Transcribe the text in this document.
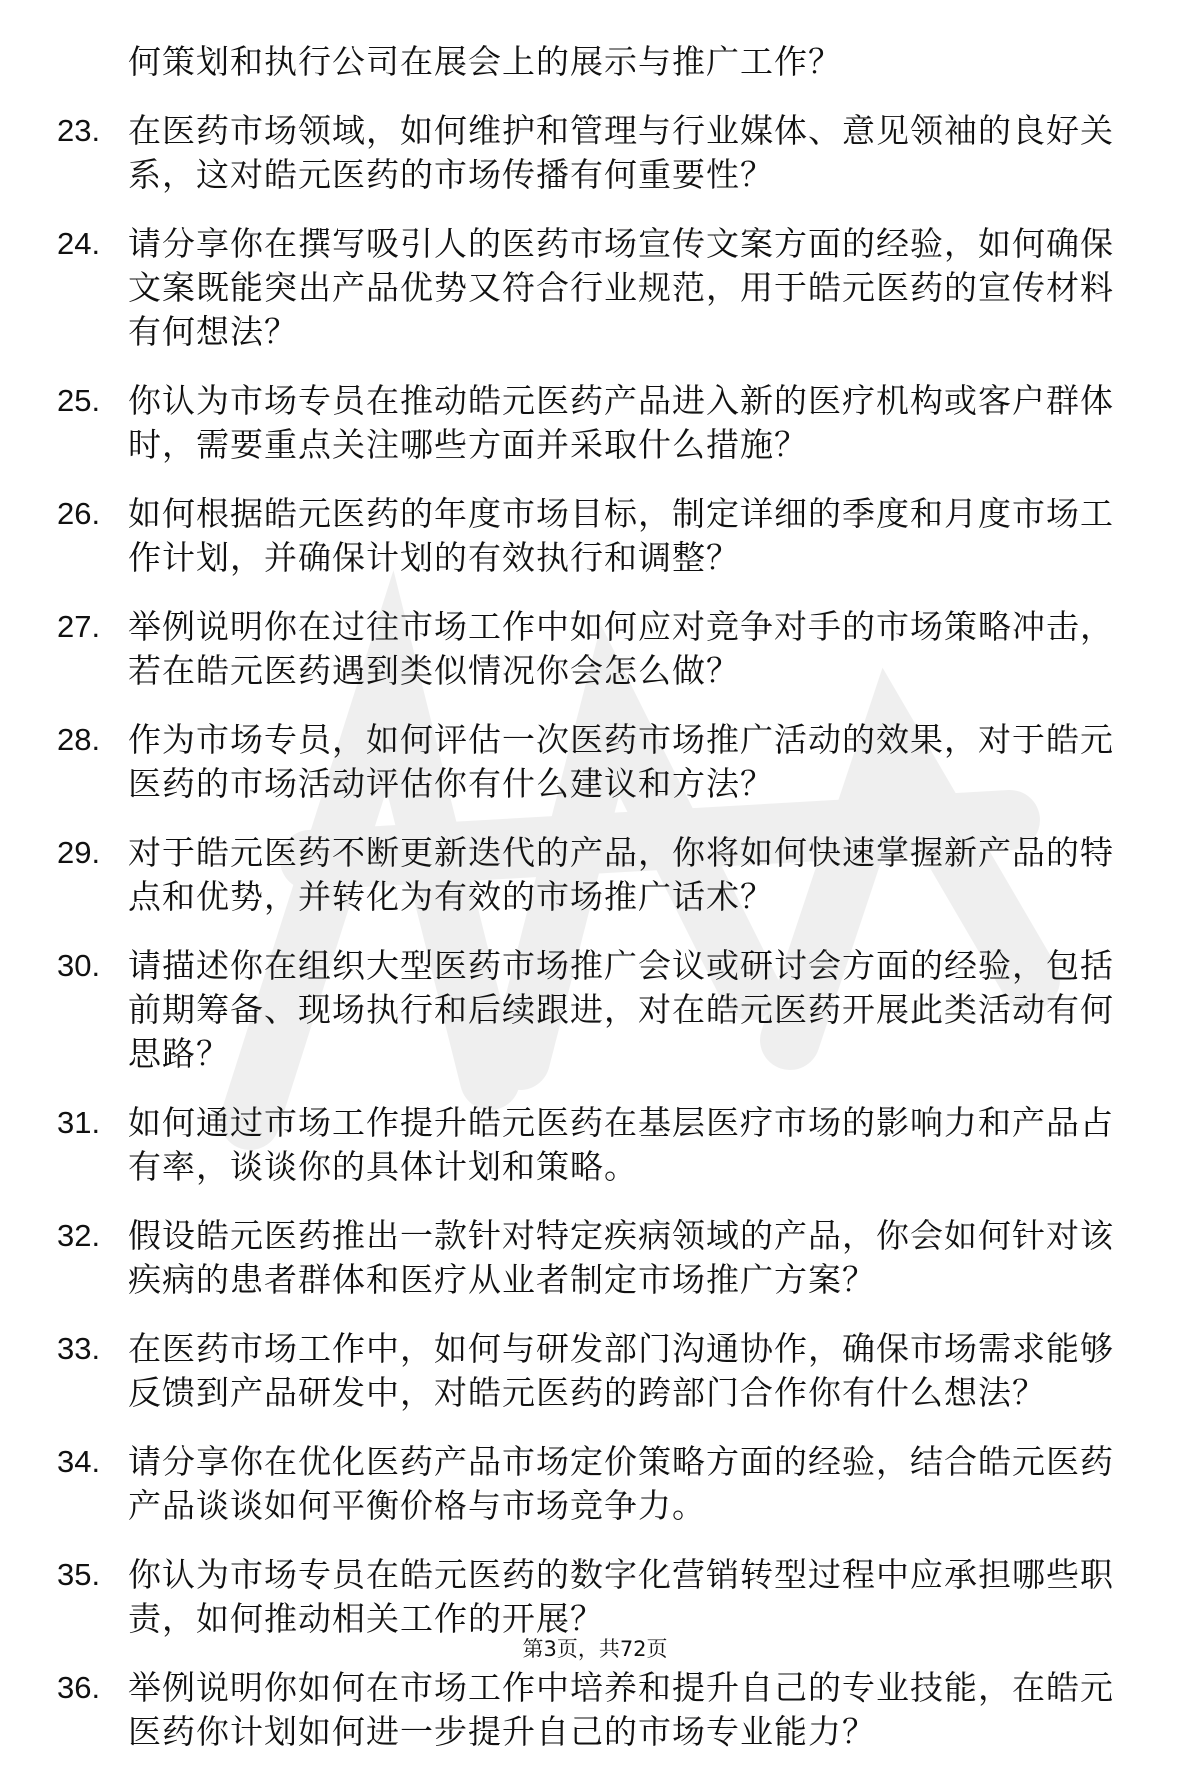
何策划和执行公司在展会上的展示与推广工作？
23. 在医药市场领域，如何维护和管理与行业媒体、意见领袖的良好关系，这对皓元医药的市场传播有何重要性？
24. 请分享你在撰写吸引人的医药市场宣传文案方面的经验，如何确保文案既能突出产品优势又符合行业规范，用于皓元医药的宣传材料有何想法？
25. 你认为市场专员在推动皓元医药产品进入新的医疗机构或客户群体时，需要重点关注哪些方面并采取什么措施？
26. 如何根据皓元医药的年度市场目标，制定详细的季度和月度市场工作计划，并确保计划的有效执行和调整？
27. 举例说明你在过往市场工作中如何应对竞争对手的市场策略冲击，若在皓元医药遇到类似情况你会怎么做？
28. 作为市场专员，如何评估一次医药市场推广活动的效果，对于皓元医药的市场活动评估你有什么建议和方法？
29. 对于皓元医药不断更新迭代的产品，你将如何快速掌握新产品的特点和优势，并转化为有效的市场推广话术？
30. 请描述你在组织大型医药市场推广会议或研讨会方面的经验，包括前期筹备、现场执行和后续跟进，对在皓元医药开展此类活动有何思路？
31. 如何通过市场工作提升皓元医药在基层医疗市场的影响力和产品占有率，谈谈你的具体计划和策略。
32. 假设皓元医药推出一款针对特定疾病领域的产品，你会如何针对该疾病的患者群体和医疗从业者制定市场推广方案？
33. 在医药市场工作中，如何与研发部门沟通协作，确保市场需求能够反馈到产品研发中，对皓元医药的跨部门合作你有什么想法？
34. 请分享你在优化医药产品市场定价策略方面的经验，结合皓元医药产品谈谈如何平衡价格与市场竞争力。
35. 你认为市场专员在皓元医药的数字化营销转型过程中应承担哪些职责，如何推动相关工作的开展？
36. 举例说明你如何在市场工作中培养和提升自己的专业技能，在皓元医药你计划如何进一步提升自己的市场专业能力？
第3页，共72页
